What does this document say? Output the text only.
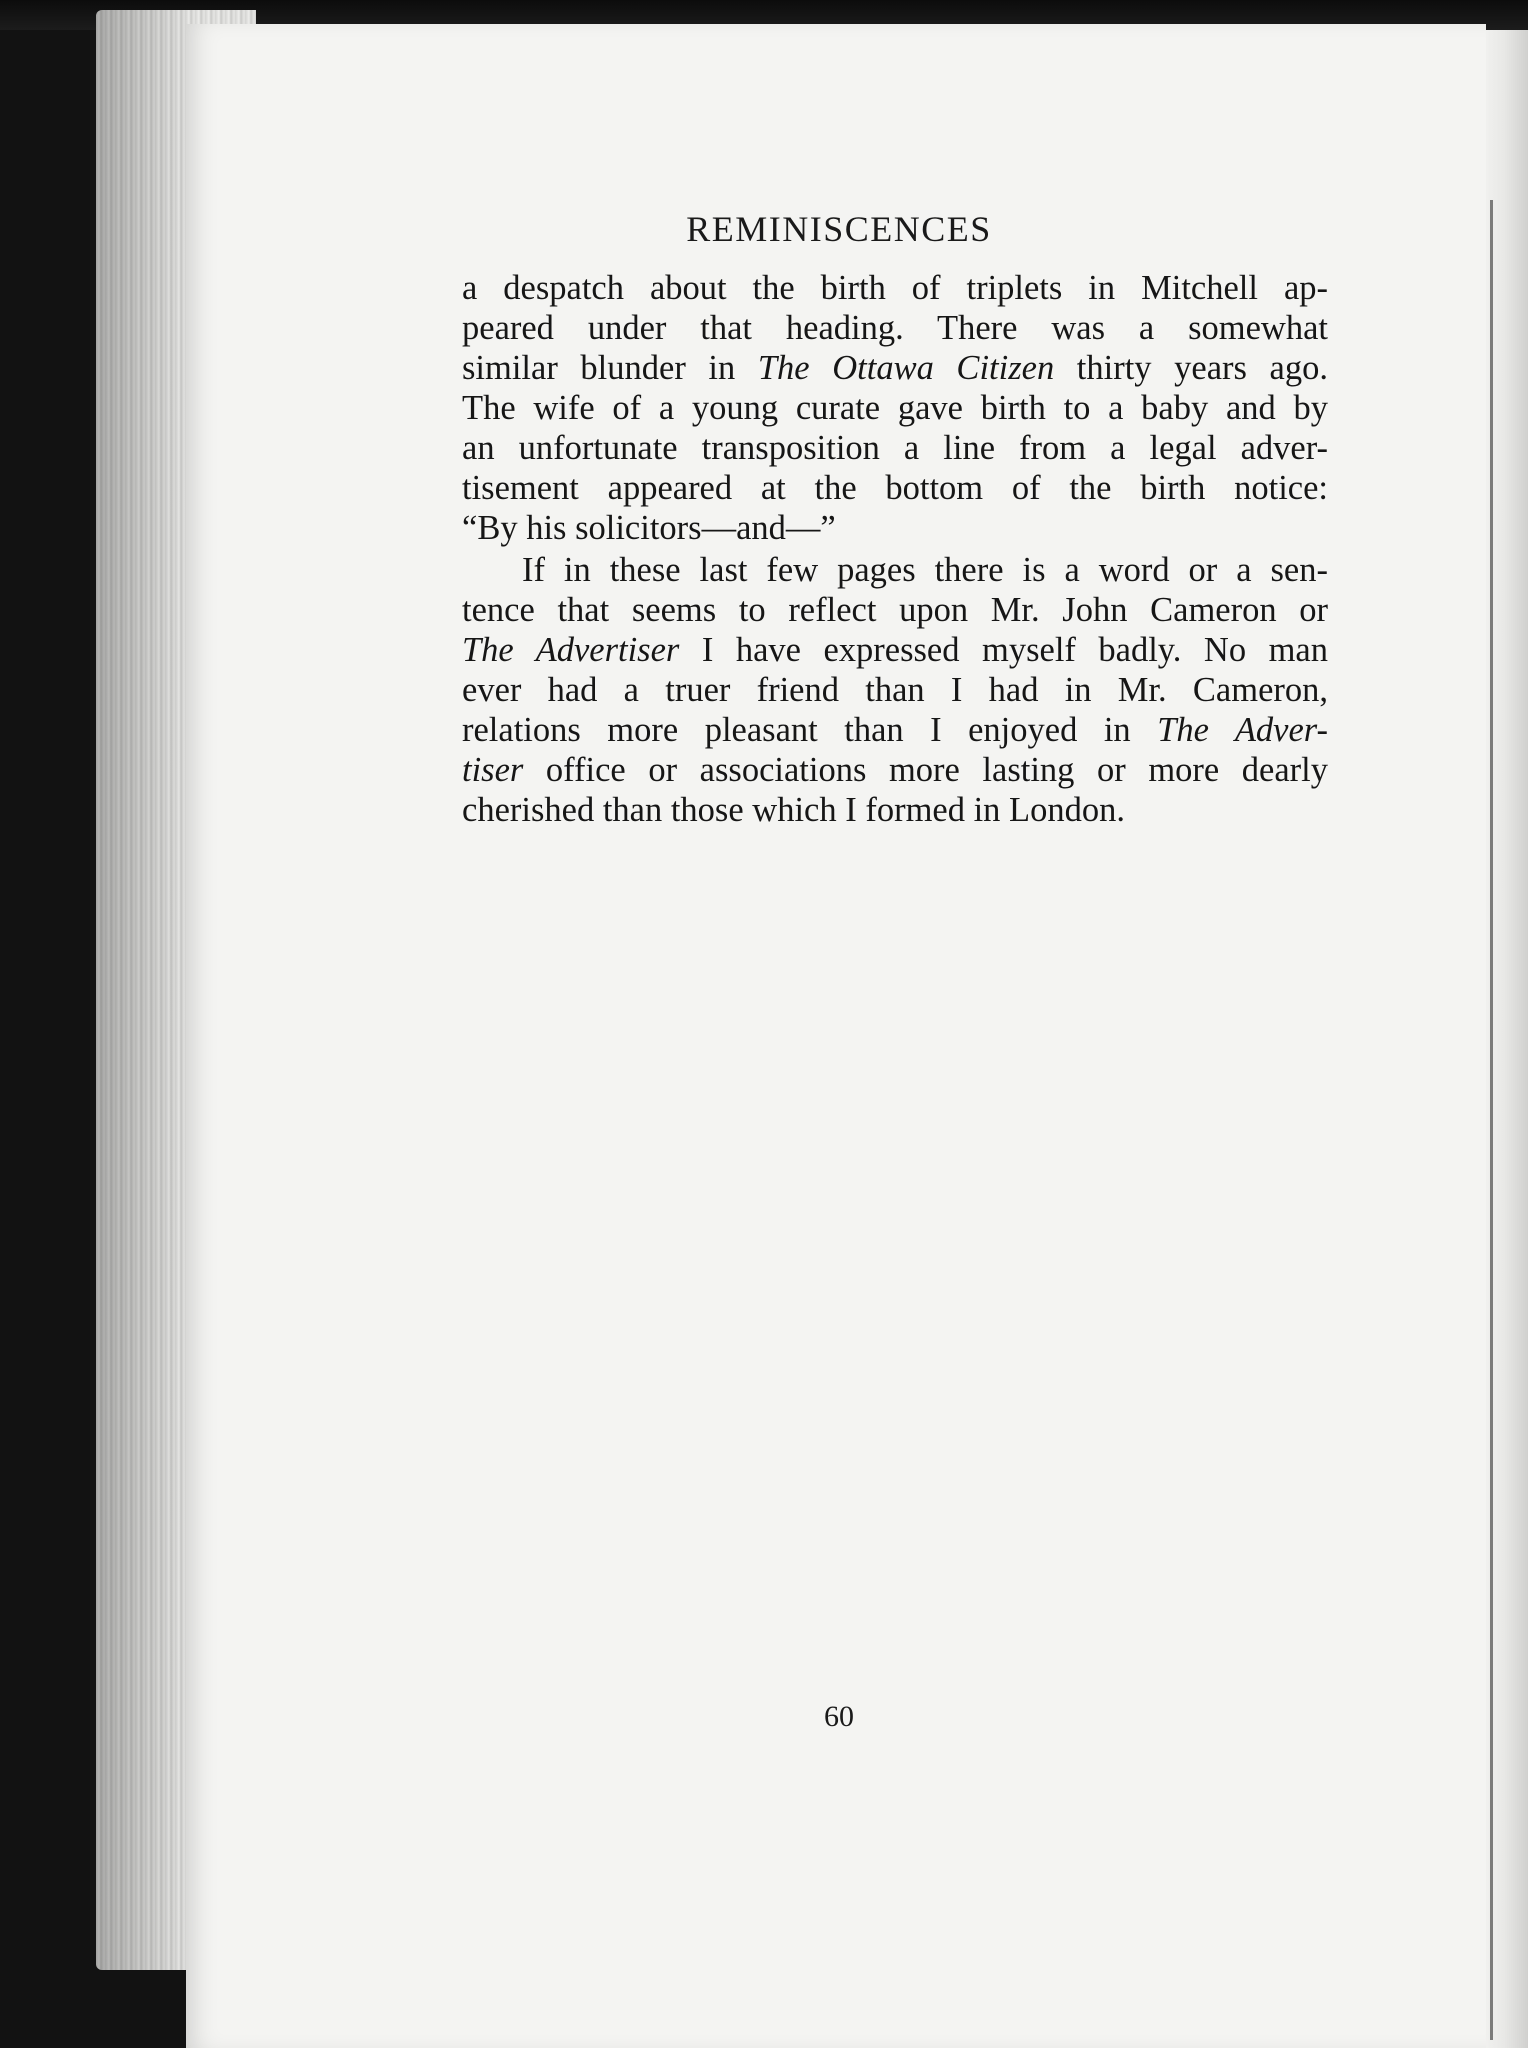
REMINISCENCES
a despatch about the birth of triplets in Mitchell ap-
peared under that heading. There was a somewhat
similar blunder in The Ottawa Citizen thirty years ago.
The wife of a young curate gave birth to a baby and by
an unfortunate transposition a line from a legal adver-
tisement appeared at the bottom of the birth notice:
“By his solicitors—and—”
If in these last few pages there is a word or a sen-
tence that seems to reflect upon Mr. John Cameron or
The Advertiser I have expressed myself badly. No man
ever had a truer friend than I had in Mr. Cameron,
relations more pleasant than I enjoyed in The Adver-
tiser office or associations more lasting or more dearly
cherished than those which I formed in London.
60
